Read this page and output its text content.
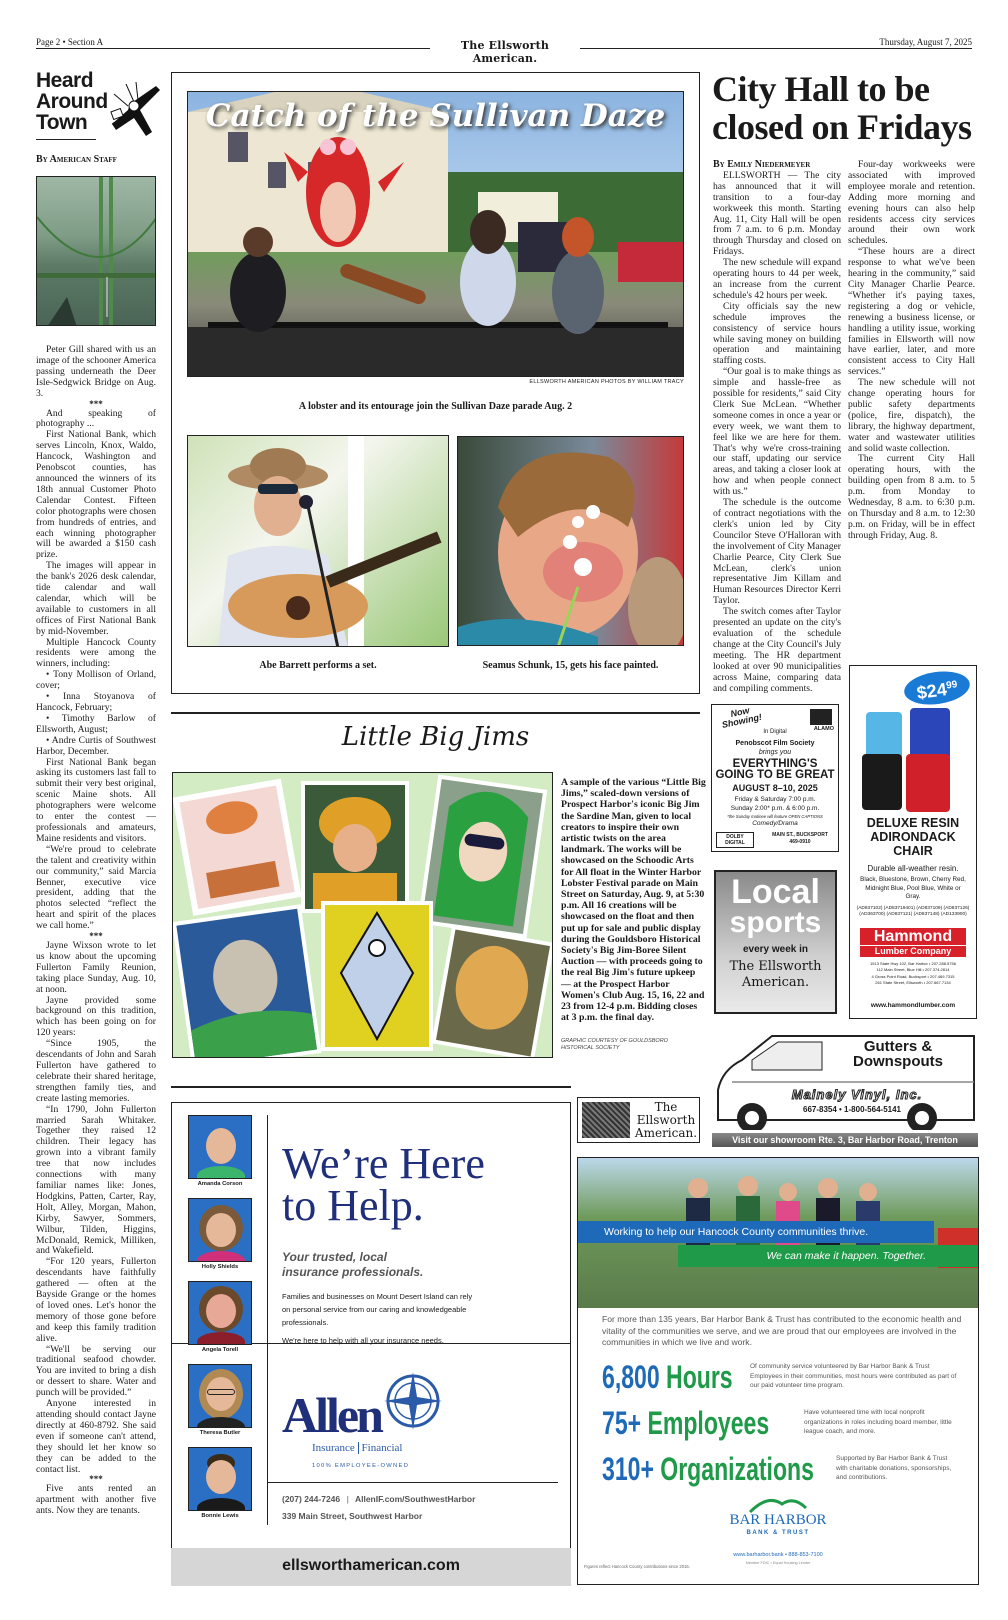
Page 2 • Section A	Thursday, August 7, 2025
The Ellsworth American.
Heard
Around
Town
By American Staff

Peter Gill shared with us an image of the schooner America passing underneath the Deer Isle-Sedgwick Bridge on Aug. 3.

***

And speaking of photography ...

First National Bank, which serves Lincoln, Knox, Waldo, Hancock, Washington and Penobscot counties, has announced the winners of its 18th annual Customer Photo Calendar Contest. Fifteen color photographs were chosen from hundreds of entries, and each winning photographer will be awarded a $150 cash prize.

The images will appear in the bank's 2026 desk calendar, tide calendar and wall calendar, which will be available to customers in all offices of First National Bank by mid-November.

Multiple Hancock County residents were among the winners, including:

• Tony Mollison of Orland, cover;

• Inna Stoyanova of Hancock, February;

• Timothy Barlow of Ellsworth, August;

• Andre Curtis of Southwest Harbor, December.

First National Bank began asking its customers last fall to submit their very best original, scenic Maine shots. All photographers were welcome to enter the contest — professionals and amateurs, Maine residents and visitors.

“We're proud to celebrate the talent and creativity within our community,” said Marcia Benner, executive vice president, adding that the photos selected “reflect the heart and spirit of the places we call home.”

***

Jayne Wixson wrote to let us know about the upcoming Fullerton Family Reunion, taking place Sunday, Aug. 10, at noon.

Jayne provided some background on this tradition, which has been going on for 120 years:

“Since 1905, the descendants of John and Sarah Fullerton have gathered to celebrate their shared heritage, strengthen family ties, and create lasting memories.

“In 1790, John Fullerton married Sarah Whitaker. Together they raised 12 children. Their legacy has grown into a vibrant family tree that now includes connections with many familiar names like: Jones, Hodgkins, Patten, Carter, Ray, Holt, Alley, Morgan, Mahon, Kirby, Sawyer, Sommers, Wilbur, Tilden, Higgins, McDonald, Remick, Milliken, and Wakefield.

“For 120 years, Fullerton descendants have faithfully gathered — often at the Bayside Grange or the homes of loved ones. Let's honor the memory of those gone before and keep this family tradition alive.

“We'll be serving our traditional seafood chowder. You are invited to bring a dish or dessert to share. Water and punch will be provided.”

Anyone interested in attending should contact Jayne directly at 460-8792. She said even if someone can't attend, they should let her know so they can be added to the contact list.

***

Five ants rented an apartment with another five ants. Now they are tenants.

Catch of the Sullivan Daze
ELLSWORTH AMERICAN PHOTOS BY WILLIAM TRACY
A lobster and its entourage join the Sullivan Daze parade Aug. 2
Abe Barrett performs a set.	Seamus Schunk, 15, gets his face painted.
City Hall to be closed on Fridays
By Emily Niedermeyer

ELLSWORTH — The city has announced that it will transition to a four-day workweek this month. Starting Aug. 11, City Hall will be open from 7 a.m. to 6 p.m. Monday through Thursday and closed on Fridays.

The new schedule will expand operating hours to 44 per week, an increase from the current schedule's 42 hours per week.

City officials say the new schedule improves the consistency of service hours while saving money on building operation and maintaining staffing costs.

“Our goal is to make things as simple and hassle-free as possible for residents,” said City Clerk Sue McLean. “Whether someone comes in once a year or every week, we want them to feel like we are here for them. That's why we're cross-training our staff, updating our service areas, and taking a closer look at how and when people connect with us.”

The schedule is the outcome of contract negotiations with the clerk's union led by City Councilor Steve O'Halloran with the involvement of City Manager Charlie Pearce, City Clerk Sue McLean, clerk's union representative Jim Killam and Human Resources Director Kerri Taylor.

The switch comes after Taylor presented an update on the city's evaluation of the schedule change at the City Council's July meeting. The HR department looked at over 90 municipalities across Maine, comparing data and compiling comments.

Four-day workweeks were associated with improved employee morale and retention. Adding more morning and evening hours can also help residents access city services around their own work schedules.

“These hours are a direct response to what we've been hearing in the community,” said City Manager Charlie Pearce. “Whether it's paying taxes, registering a dog or vehicle, renewing a business license, or handling a utility issue, working families in Ellsworth will now have earlier, later, and more consistent access to City Hall services.”

The new schedule will not change operating hours for public safety departments (police, fire, dispatch), the library, the highway department, water and wastewater utilities and solid waste collection.

The current City Hall operating hours, with the building open from 8 a.m. to 5 p.m. from Monday to Wednesday, 8 a.m. to 6:30 p.m. on Thursday and 8 a.m. to 12:30 p.m. on Friday, will be in effect through Friday, Aug. 8.

Little Big Jims
A sample of the various “Little Big Jims,” scaled-down versions of Prospect Harbor's iconic Big Jim the Sardine Man, given to local creators to inspire their own artistic twists on the area landmark. The works will be showcased on the Schoodic Arts for All float in the Winter Harbor Lobster Festival parade on Main Street on Saturday, Aug. 9, at 5:30 p.m. All 16 creations will be showcased on the float and then put up for sale and public display during the Gouldsboro Historical Society's Big Jim-Boree Silent Auction — with proceeds going to the real Big Jim's future upkeep — at the Prospect Harbor Women's Club Aug. 15, 16, 22 and 23 from 12-4 p.m. Bidding closes at 3 p.m. the final day.
GRAPHIC COURTESY OF GOULDSBORO HISTORICAL SOCIETY
Now Showing!	ALAMO
In Digital
Penobscot Film Society
brings you
EVERYTHING'S
GOING TO BE GREAT
AUGUST 8–10, 2025
Friday & Saturday 7:00 p.m.
Sunday 2:00* p.m. & 6:00 p.m.
*the Sunday matinee will feature OPEN CAPTIONS
Comedy/Drama
DOLBY DIGITAL
MAIN ST., BUCKSPORT
469-0910
Local
sports
every week in
The Ellsworth
American.
$\$24^{99}$
DELUXE RESIN
ADIRONDACK
CHAIR
Durable all-weather resin.
Black, Bluestone, Brown, Cherry Red, Midnight Blue, Pool Blue, White or Gray.
(AD837102) (AD83719401) (AD837109) (AD837126) (AD363700) (AD837121) (AD837148) (AD133900)
Hammond
Lumber Company
1513 State Hwy 102, Bar Harbor • 207.288.5756
112 Main Street, Blue Hill • 207.374.2814
4 Gross Point Road, Bucksport • 207.469.7315
261 State Street, Ellsworth • 207.667.7134
www.hammondlumber.com
Gutters &
Downspouts
Mainely Vinyl, Inc.
667-8354 • 1-800-564-5141
Visit our showroom Rte. 3, Bar Harbor Road, Trenton
The
Ellsworth
American.
Amanda Corson
Holly Shields
Angela Torell
Theresa Butler
Bonnie Lewis
We’re Here
to Help.
Your trusted, local
insurance professionals.
Families and businesses on Mount Desert Island can rely on personal service from our caring and knowledgeable professionals.
We're here to help with all your insurance needs.
Allen
Insurance Financial
100% EMPLOYEE-OWNED
(207) 244-7246 | AllenIF.com/SouthwestHarbor
339 Main Street, Southwest Harbor
ellsworthamerican.com
Working to help our Hancock County communities thrive.
We can make it happen. Together.
For more than 135 years, Bar Harbor Bank & Trust has contributed to the economic health and vitality of the communities we serve, and we are proud that our employees are involved in the communities in which we live and work.
6,800 Hours	Of community service volunteered by Bar Harbor Bank & Trust Employees in their communities, most hours were contributed as part of our paid volunteer time program.
75+ Employees	Have volunteered time with local nonprofit organizations in roles including board member, little league coach, and more.
310+ Organizations	Supported by Bar Harbor Bank & Trust with charitable donations, sponsorships, and contributions.
BAR HARBOR
BANK & TRUST
www.barharbor.bank • 888-853-7100
Member FDIC • Equal Housing Lender
Figures reflect Hancock County contributions since 2016.
